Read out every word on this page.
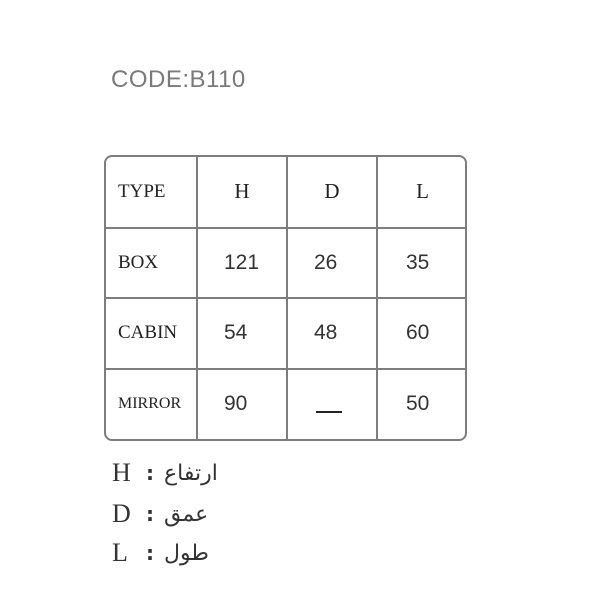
CODE:B110
TYPE	H	D	L
BOX	121	26	35
CABIN	54	48	60
MIRROR	90		50
H : ارتفاع
D : عمق
L : طول
